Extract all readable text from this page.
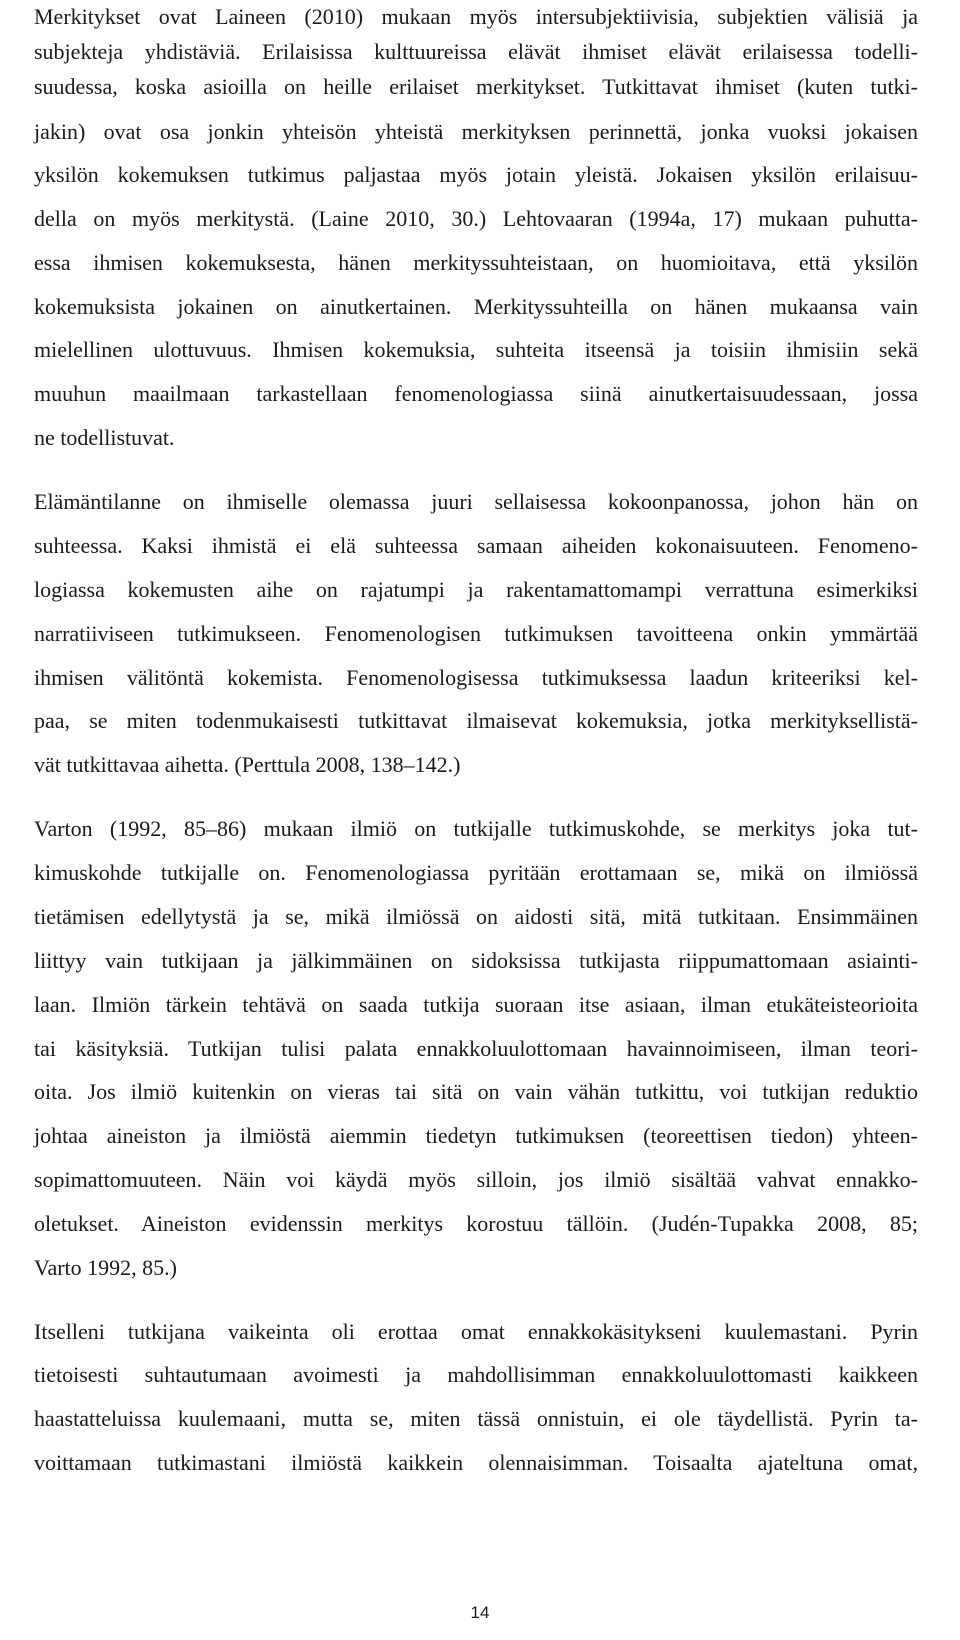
Merkitykset ovat Laineen (2010) mukaan myös intersubjektiivisia, subjektien välisiä ja

subjekteja yhdistäviä. Erilaisissa kulttuureissa elävät ihmiset elävät erilaisessa todelli-

suudessa, koska asioilla on heille erilaiset merkitykset. Tutkittavat ihmiset (kuten tutki-

jakin) ovat osa jonkin yhteisön yhteistä merkityksen perinnettä, jonka vuoksi jokaisen

yksilön kokemuksen tutkimus paljastaa myös jotain yleistä. Jokaisen yksilön erilaisuu-

della on myös merkitystä. (Laine 2010, 30.) Lehtovaaran (1994a, 17) mukaan puhutta-

essa ihmisen kokemuksesta, hänen merkityssuhteistaan, on huomioitava, että yksilön

kokemuksista jokainen on ainutkertainen. Merkityssuhteilla on hänen mukaansa vain

mielellinen ulottuvuus. Ihmisen kokemuksia, suhteita itseensä ja toisiin ihmisiin sekä

muuhun maailmaan tarkastellaan fenomenologiassa siinä ainutkertaisuudessaan, jossa

ne todellistuvat.

Elämäntilanne on ihmiselle olemassa juuri sellaisessa kokoonpanossa, johon hän on

suhteessa. Kaksi ihmistä ei elä suhteessa samaan aiheiden kokonaisuuteen. Fenomeno-

logiassa kokemusten aihe on rajatumpi ja rakentamattomampi verrattuna esimerkiksi

narratiiviseen tutkimukseen. Fenomenologisen tutkimuksen tavoitteena onkin ymmärtää

ihmisen välitöntä kokemista. Fenomenologisessa tutkimuksessa laadun kriteeriksi kel-

paa, se miten todenmukaisesti tutkittavat ilmaisevat kokemuksia, jotka merkityksellistä-

vät tutkittavaa aihetta. (Perttula 2008, 138–142.)

Varton (1992, 85–86) mukaan ilmiö on tutkijalle tutkimuskohde, se merkitys joka tut-

kimuskohde tutkijalle on. Fenomenologiassa pyritään erottamaan se, mikä on ilmiössä

tietämisen edellytystä ja se, mikä ilmiössä on aidosti sitä, mitä tutkitaan. Ensimmäinen

liittyy vain tutkijaan ja jälkimmäinen on sidoksissa tutkijasta riippumattomaan asiainti-

laan. Ilmiön tärkein tehtävä on saada tutkija suoraan itse asiaan, ilman etukäteisteorioita

tai käsityksiä. Tutkijan tulisi palata ennakkoluulottomaan havainnoimiseen, ilman teori-

oita. Jos ilmiö kuitenkin on vieras tai sitä on vain vähän tutkittu, voi tutkijan reduktio

johtaa aineiston ja ilmiöstä aiemmin tiedetyn tutkimuksen (teoreettisen tiedon) yhteen-

sopimattomuuteen. Näin voi käydä myös silloin, jos ilmiö sisältää vahvat ennakko-

oletukset. Aineiston evidenssin merkitys korostuu tällöin. (Judén-Tupakka 2008, 85;

Varto 1992, 85.)

Itselleni tutkijana vaikeinta oli erottaa omat ennakkokäsitykseni kuulemastani. Pyrin

tietoisesti suhtautumaan avoimesti ja mahdollisimman ennakkoluulottomasti kaikkeen

haastatteluissa kuulemaani, mutta se, miten tässä onnistuin, ei ole täydellistä. Pyrin ta-

voittamaan tutkimastani ilmiöstä kaikkein olennaisimman. Toisaalta ajateltuna omat,

14
